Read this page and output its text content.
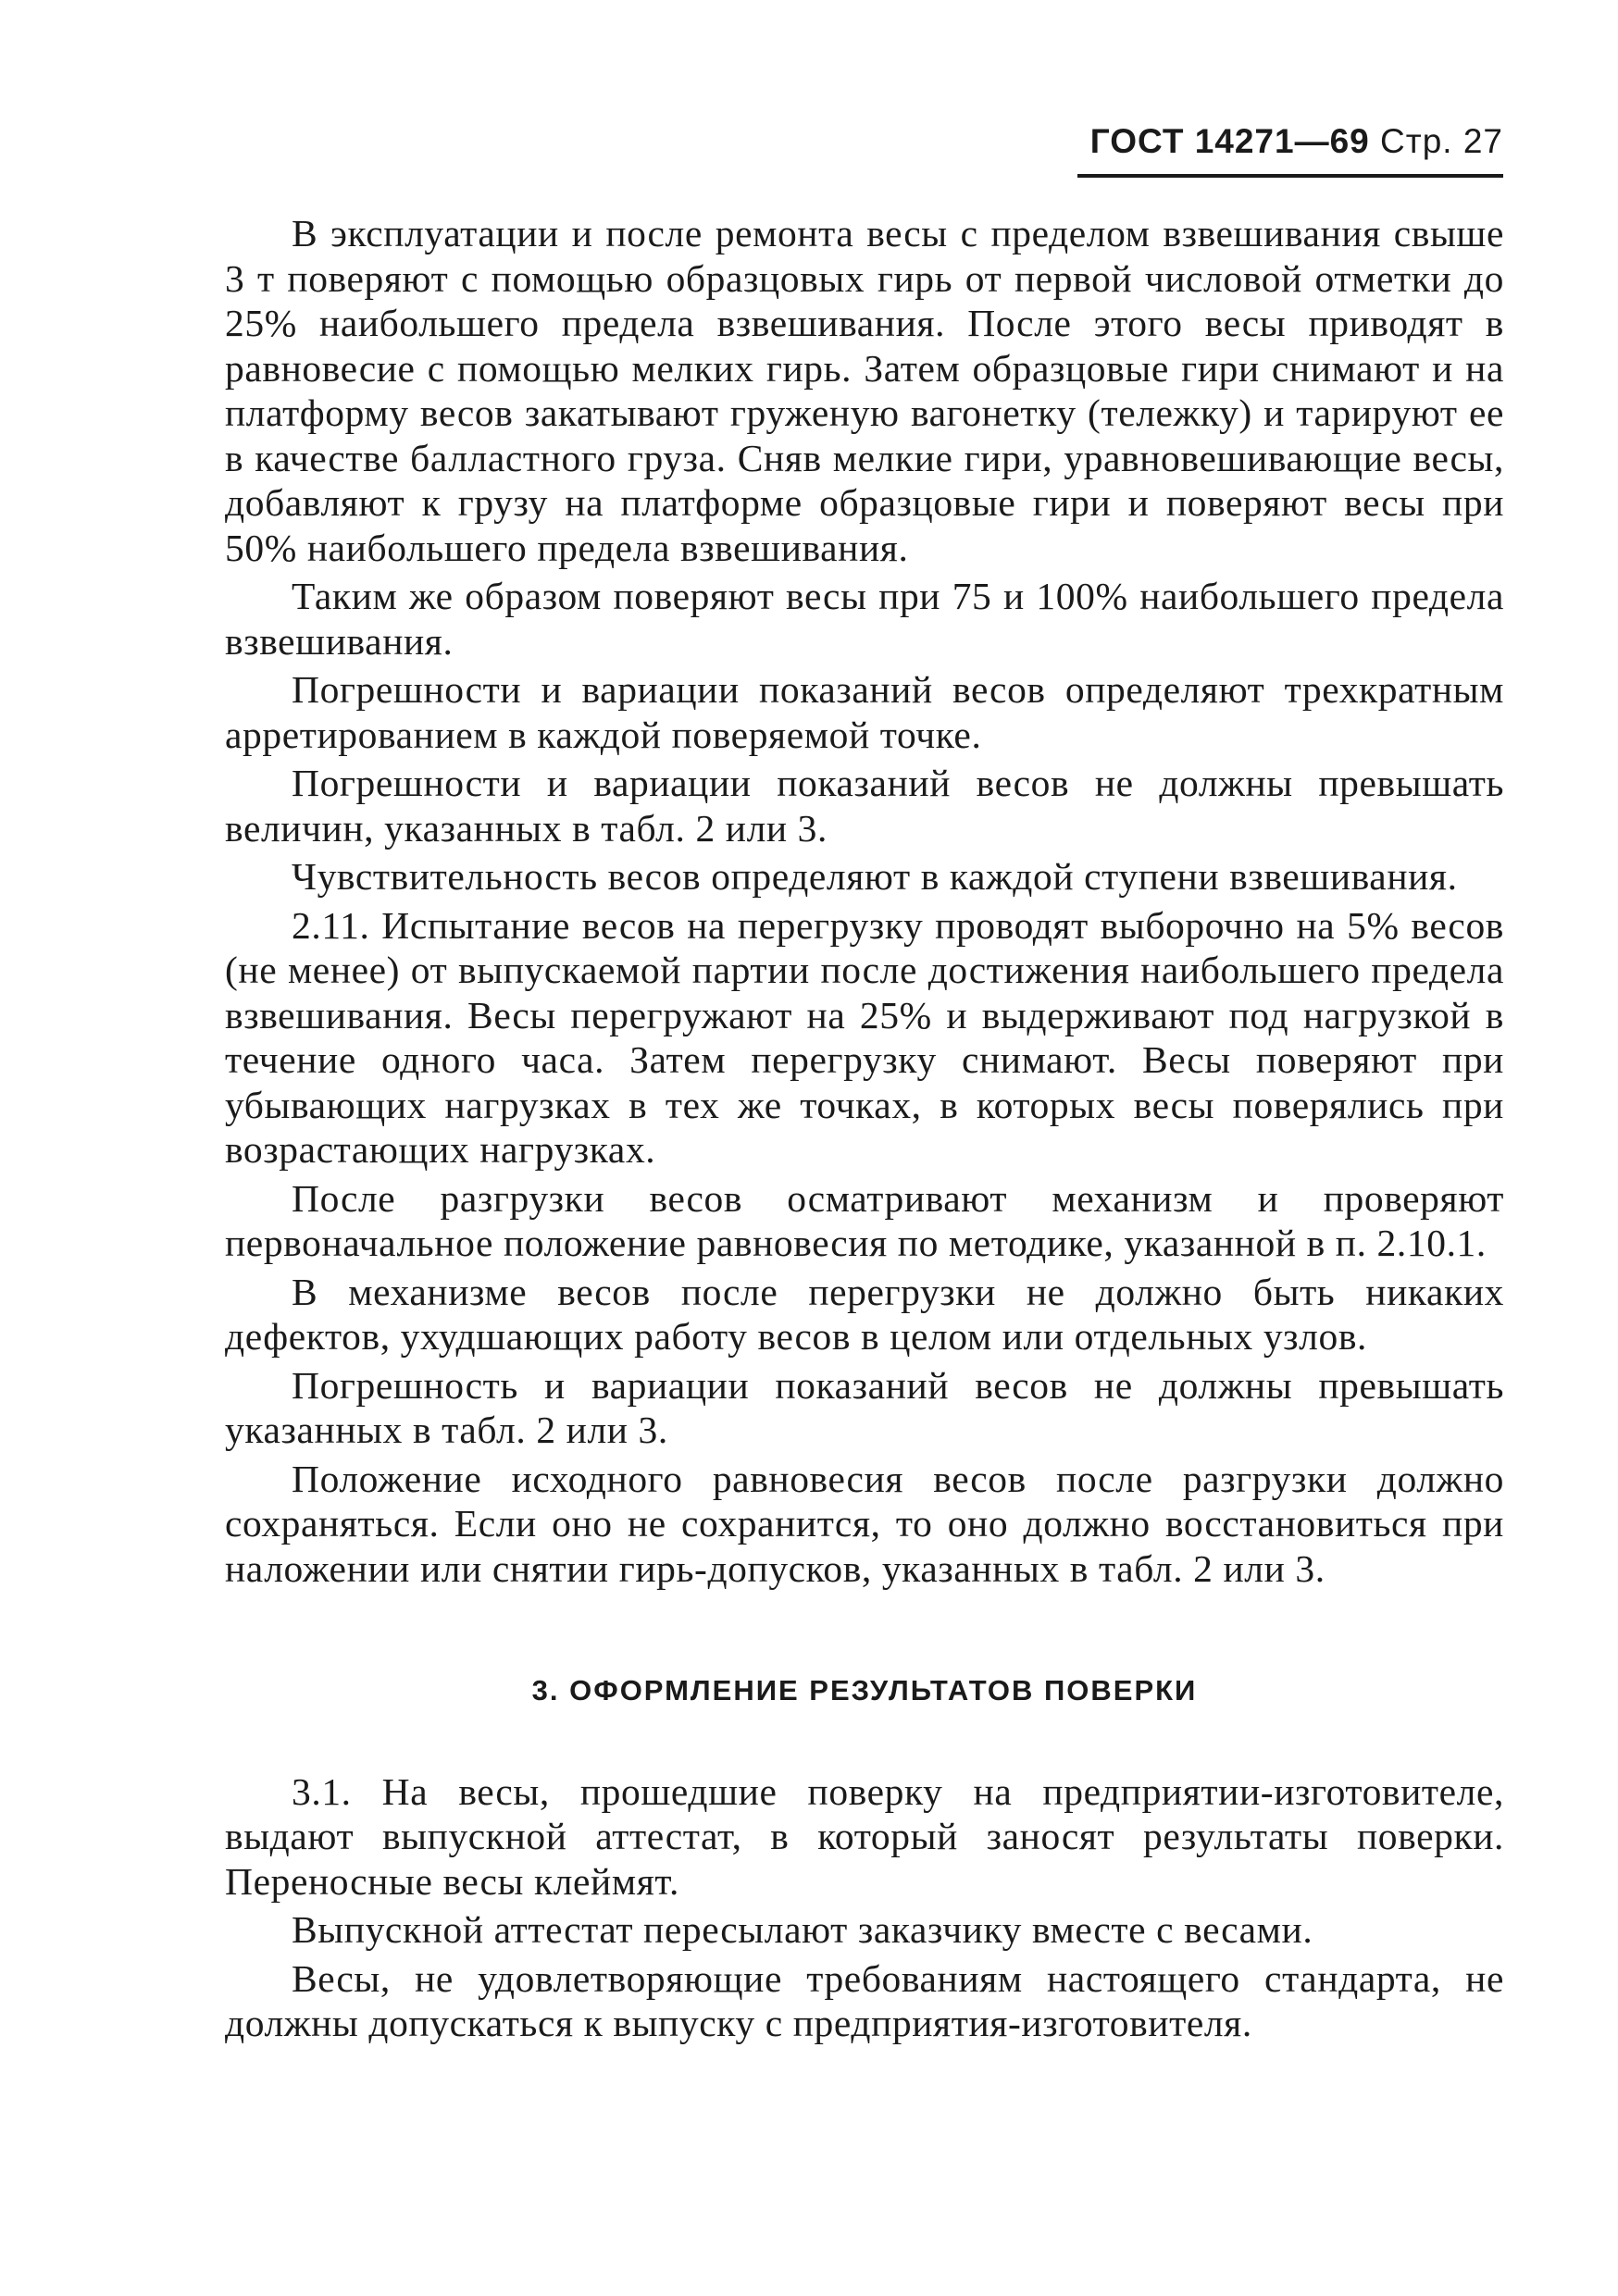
ГОСТ 14271—69 Стр. 27

В эксплуатации и после ремонта весы с пределом взвешивания свыше 3 т поверяют с помощью образцовых гирь от первой числовой отметки до 25% наибольшего предела взвешивания. После этого весы приводят в равновесие с помощью мелких гирь. Затем образцовые гири снимают и на платформу весов закатывают груженую вагонетку (тележку) и тарируют ее в качестве балластного груза. Сняв мелкие гири, уравновешивающие весы, добавляют к грузу на платформе образцовые гири и поверяют весы при 50% наибольшего предела взвешивания.

Таким же образом поверяют весы при 75 и 100% наибольшего предела взвешивания.

Погрешности и вариации показаний весов определяют трехкратным арретированием в каждой поверяемой точке.

Погрешности и вариации показаний весов не должны превышать величин, указанных в табл. 2 или 3.

Чувствительность весов определяют в каждой ступени взвешивания.

2.11. Испытание весов на перегрузку проводят выборочно на 5% весов (не менее) от выпускаемой партии после достижения наибольшего предела взвешивания. Весы перегружают на 25% и выдерживают под нагрузкой в течение одного часа. Затем перегрузку снимают. Весы поверяют при убывающих нагрузках в тех же точках, в которых весы поверялись при возрастающих нагрузках.

После разгрузки весов осматривают механизм и проверяют первоначальное положение равновесия по методике, указанной в п. 2.10.1.

В механизме весов после перегрузки не должно быть никаких дефектов, ухудшающих работу весов в целом или отдельных узлов.

Погрешность и вариации показаний весов не должны превышать указанных в табл. 2 или 3.

Положение исходного равновесия весов после разгрузки должно сохраняться. Если оно не сохранится, то оно должно восстановиться при наложении или снятии гирь-допусков, указанных в табл. 2 или 3.

3. ОФОРМЛЕНИЕ РЕЗУЛЬТАТОВ ПОВЕРКИ

3.1. На весы, прошедшие поверку на предприятии-изготовителе, выдают выпускной аттестат, в который заносят результаты поверки. Переносные весы клеймят.

Выпускной аттестат пересылают заказчику вместе с весами.

Весы, не удовлетворяющие требованиям настоящего стандарта, не должны допускаться к выпуску с предприятия-изготовителя.
